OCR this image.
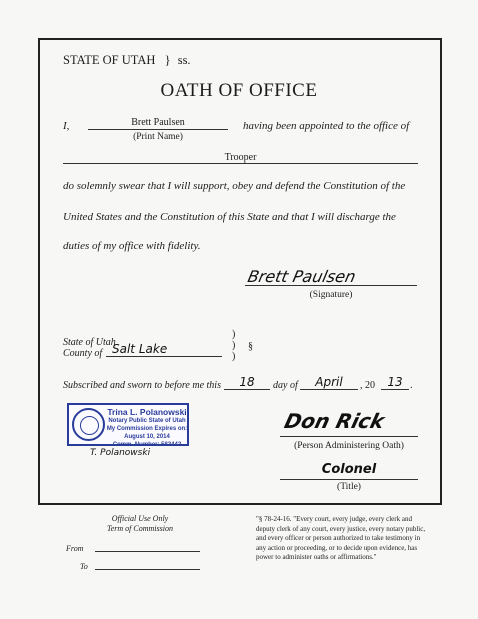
STATE OF UTAH } ss.
OATH OF OFFICE
I,	Brett Paulsen
(Print Name)
having been appointed to the office of
Trooper
do solemnly swear that I will support, obey and defend the Constitution of the
United States and the Constitution of this State and that I will discharge the
duties of my office with fidelity.
Brett Paulsen
(Signature)
State of Utah
County of Salt Lake
)
)
)
§
Subscribed and sworn to before me this	18	day of	April	, 20	13 .
Trina L. Polanowski
Notary Public State of Utah
My Commission Expires on:
August 10, 2014
Comm. Number: 583442
T. Polanowski
Don Rick
(Person Administering Oath)
Colonel
(Title)
Official Use Only
Term of Commission
From
To
"§ 78-24-16. "Every court, every judge, every clerk and
deputy clerk of any court, every justice, every notary public,
and every officer or person authorized to take testimony in
any action or proceeding, or to decide upon evidence, has
power to administer oaths or affirmations."
